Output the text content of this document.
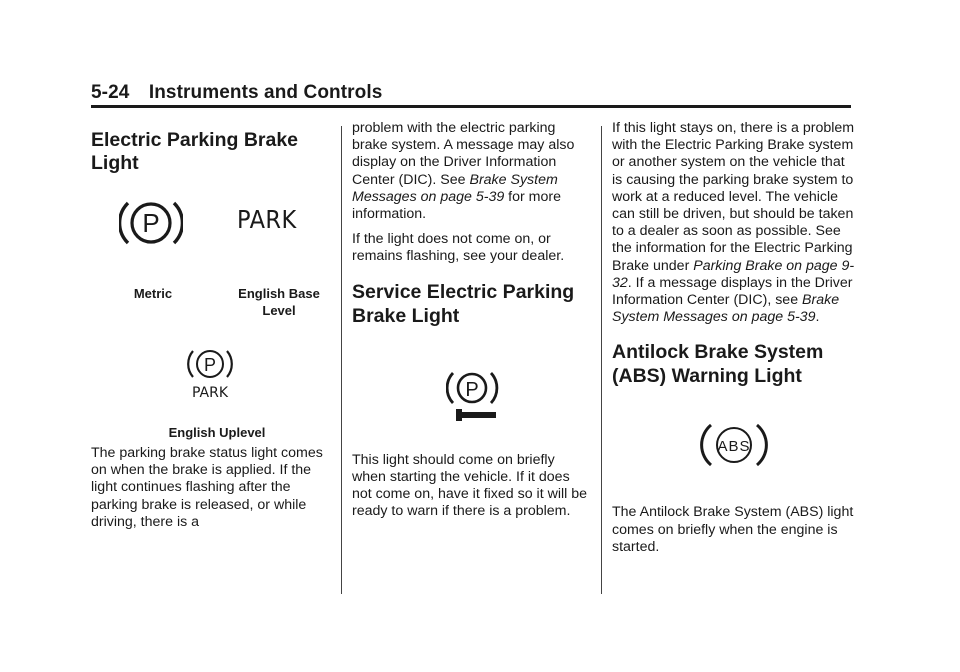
5-24 Instruments and Controls
Electric Parking Brake Light
P	PARK
Metric	English Base Level
P
PARK
English Uplevel

The parking brake status light comes on when the brake is applied. If the light continues flashing after the parking brake is released, or while driving, there is a

problem with the electric parking brake system. A message may also display on the Driver Information Center (DIC). See Brake System Messages on page 5-39 for more information.

If the light does not come on, or remains flashing, see your dealer.

Service Electric Parking Brake Light
P

This light should come on briefly when starting the vehicle. If it does not come on, have it fixed so it will be ready to warn if there is a problem.

If this light stays on, there is a problem with the Electric Parking Brake system or another system on the vehicle that is causing the parking brake system to work at a reduced level. The vehicle can still be driven, but should be taken to a dealer as soon as possible. See the information for the Electric Parking Brake under Parking Brake on page 9-32. If a message displays in the Driver Information Center (DIC), see Brake System Messages on page 5-39.

Antilock Brake System (ABS) Warning Light
ABS

The Antilock Brake System (ABS) light comes on briefly when the engine is started.
